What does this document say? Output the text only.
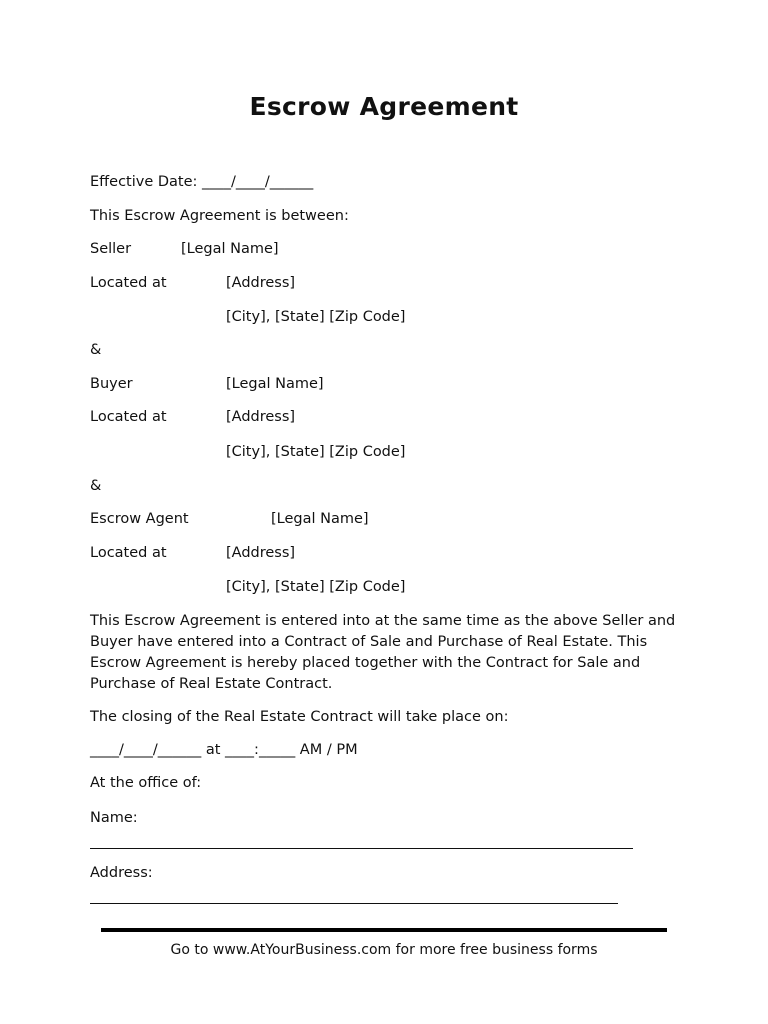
Escrow Agreement
Effective Date: ____/____/______
This Escrow Agreement is between:
Seller	[Legal Name]
Located at	[Address]
[City], [State] [Zip Code]
&
Buyer	[Legal Name]
Located at	[Address]
[City], [State] [Zip Code]
&
Escrow Agent	[Legal Name]
Located at	[Address]
[City], [State] [Zip Code]
This Escrow Agreement is entered into at the same time as the above Seller and Buyer have entered into a Contract of Sale and Purchase of Real Estate. This Escrow Agreement is hereby placed together with the Contract for Sale and Purchase of Real Estate Contract.
The closing of the Real Estate Contract will take place on:
____/____/______ at ____:_____ AM / PM
At the office of:
Name:
Address:
Go to www.AtYourBusiness.com for more free business forms
